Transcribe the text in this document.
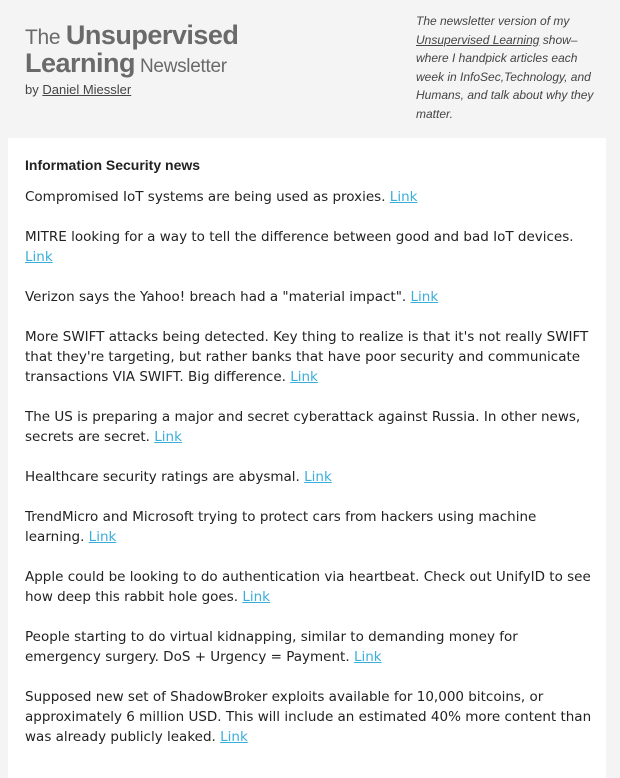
The Unsupervised
Learning Newsletter
by Daniel Miessler
The newsletter version of my Unsupervised Learning show– where I handpick articles each week in InfoSec,Technology, and Humans, and talk about why they matter.
Information Security news

Compromised IoT systems are being used as proxies. Link

MITRE looking for a way to tell the difference between good and bad IoT devices. Link

Verizon says the Yahoo! breach had a "material impact". Link

More SWIFT attacks being detected. Key thing to realize is that it's not really SWIFT that they're targeting, but rather banks that have poor security and communicate transactions VIA SWIFT. Big difference. Link

The US is preparing a major and secret cyberattack against Russia. In other news, secrets are secret. Link

Healthcare security ratings are abysmal. Link

TrendMicro and Microsoft trying to protect cars from hackers using machine learning. Link

Apple could be looking to do authentication via heartbeat. Check out UnifyID to see how deep this rabbit hole goes. Link

People starting to do virtual kidnapping, similar to demanding money for emergency surgery. DoS + Urgency = Payment. Link

Supposed new set of ShadowBroker exploits available for 10,000 bitcoins, or approximately 6 million USD. This will include an estimated 40% more content than was already publicly leaked. Link
